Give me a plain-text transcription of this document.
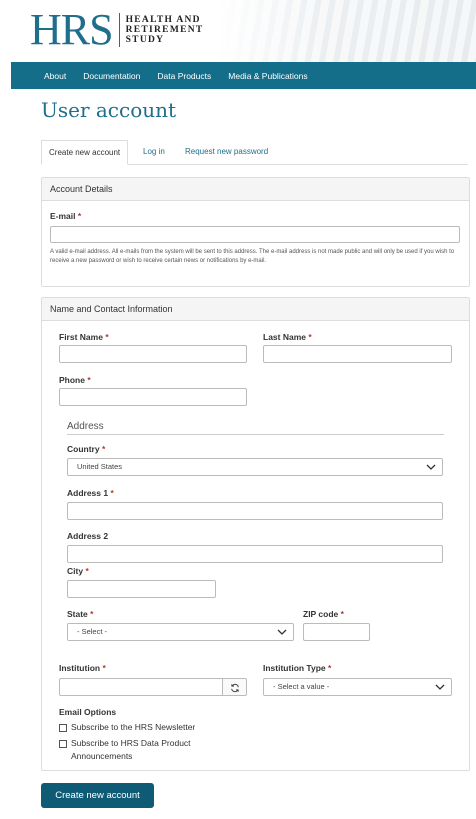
HRS HEALTH AND
RETIREMENT
STUDY
About Documentation Data Products Media & Publications
User account
Create new account	Log in	Request new password
Account Details
E-mail *
A valid e-mail address. All e-mails from the system will be sent to this address. The e-mail address is not made public and will only be used if you wish to receive a new password or wish to receive certain news or notifications by e-mail.
Name and Contact Information
First Name *	Last Name *
Phone *
Address
Country *
United States
Address 1 *
Address 2
City *
State *
- Select -
ZIP code *
Institution *	Institution Type *
- Select a value -
Email Options
Subscribe to the HRS Newsletter
Subscribe to HRS Data Product
Announcements
Create new account
